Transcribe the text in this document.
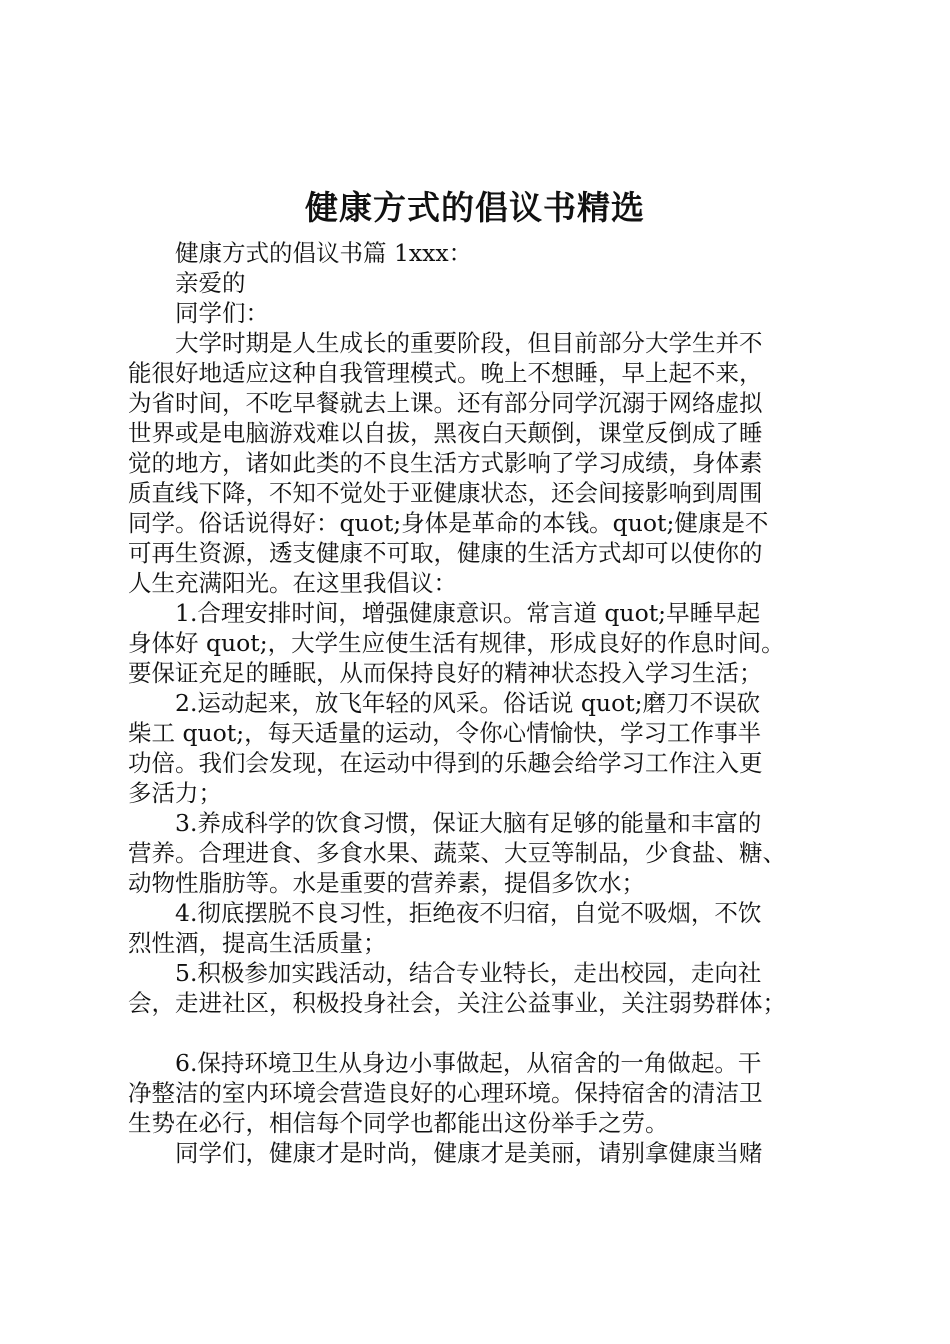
健康方式的倡议书精选
　　健康方式的倡议书篇 1xxx：
　　亲爱的
　　同学们：
　　大学时期是人生成长的重要阶段，但目前部分大学生并不
能很好地适应这种自我管理模式。晚上不想睡，早上起不来，
为省时间，不吃早餐就去上课。还有部分同学沉溺于网络虚拟
世界或是电脑游戏难以自拔，黑夜白天颠倒，课堂反倒成了睡
觉的地方，诸如此类的不良生活方式影响了学习成绩，身体素
质直线下降，不知不觉处于亚健康状态，还会间接影响到周围
同学。俗话说得好：quot;身体是革命的本钱。quot;健康是不
可再生资源，透支健康不可取，健康的生活方式却可以使你的
人生充满阳光。在这里我倡议：
　　1.合理安排时间，增强健康意识。常言道 quot;早睡早起
身体好 quot;，大学生应使生活有规律，形成良好的作息时间。
要保证充足的睡眠，从而保持良好的精神状态投入学习生活；
　　2.运动起来，放飞年轻的风采。俗话说 quot;磨刀不误砍
柴工 quot;，每天适量的运动，令你心情愉快，学习工作事半
功倍。我们会发现，在运动中得到的乐趣会给学习工作注入更
多活力；
　　3.养成科学的饮食习惯，保证大脑有足够的能量和丰富的
营养。合理进食、多食水果、蔬菜、大豆等制品，少食盐、糖、
动物性脂肪等。水是重要的营养素，提倡多饮水；
　　4.彻底摆脱不良习性，拒绝夜不归宿，自觉不吸烟，不饮
烈性酒，提高生活质量；
　　5.积极参加实践活动，结合专业特长，走出校园，走向社
会，走进社区，积极投身社会，关注公益事业，关注弱势群体；
　　6.保持环境卫生从身边小事做起，从宿舍的一角做起。干
净整洁的室内环境会营造良好的心理环境。保持宿舍的清洁卫
生势在必行，相信每个同学也都能出这份举手之劳。
　　同学们，健康才是时尚，健康才是美丽，请别拿健康当赌
